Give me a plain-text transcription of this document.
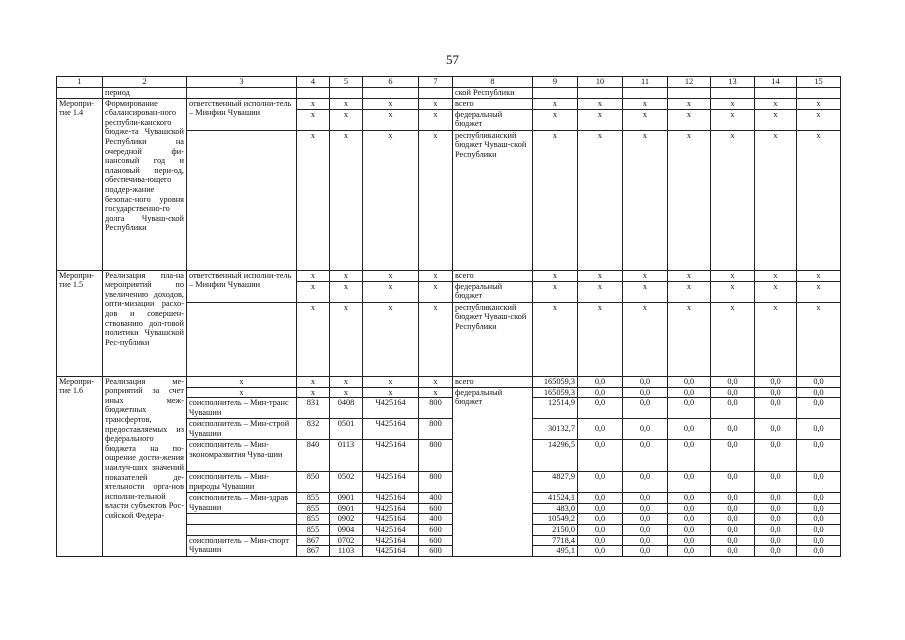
57
1	2	3	4	5	6	7	8	9	10	11	12	13	14	15
	период						ской Республики							
Меропри-тие 1.4	Формирование сбалансирован-ного республи-канского бюдже-та Чувашской Республики на очередной фи-нансовый год и плановый пери-од, обеспечива-ющего поддер-жание безопас-ного уровня государственно-го долга Чуваш-ской Республики	ответственный исполни-тель – Минфин Чувашии	x	x	x	x	всего	x	x	x	x	x	x	x
			x	x	x	x	федеральный бюджет	x	x	x	x	x	x	x
			x	x	x	x	республиканский бюджет Чуваш-ской Республики	x	x	x	x	x	x	x
Меропри-тие 1.5	Реализация пла-на мероприятий по увеличению доходов, опти-мизации расхо-дов и совершен-ствованию дол-говой политики Чувашской Рес-публики	ответственный исполни-тель – Минфин Чувашии	x	x	x	x	всего	x	x	x	x	x	x	x
			x	x	x	x	федеральный бюджет	x	x	x	x	x	x	x
			x	x	x	x	республиканский бюджет Чуваш-ской Республики	x	x	x	x	x	x	x
Меропри-тие 1.6	Реализация ме-роприятий за счет иных меж-бюджетных трансфертов, предоставляемых из федерального бюджета на по-ощрение дости-жения наилуч-ших значений показателей де-ятельности орга-нов исполни-тельной власти субъектов Рос-сийской Федера-	x	x	x	x	x	всего	165059,3	0,0	0,0	0,0	0,0	0,0	0,0
		x	x	x	x	x	федеральный бюджет	165059,3	0,0	0,0	0,0	0,0	0,0	0,0
		соисполнитель – Мин-транс Чувашии	831	0408	Ч425164	800		12514,9	0,0	0,0	0,0	0,0	0,0	0,0
		соисполнитель – Мин-строй Чувашии	832	0501	Ч425164	800		30132,7	0,0	0,0	0,0	0,0	0,0	0,0
		соисполнитель – Мин-экономразвития Чува-шии	840	0113	Ч425164	800		14296,5	0,0	0,0	0,0	0,0	0,0	0,0
		соисполнитель – Мин-природы Чувашии	850	0502	Ч425164	800		4827,9	0,0	0,0	0,0	0,0	0,0	0,0
		соисполнитель – Мин-здрав Чувашии	855	0901	Ч425164	400		41524,1	0,0	0,0	0,0	0,0	0,0	0,0
			855	0901	Ч425164	600		483,0	0,0	0,0	0,0	0,0	0,0	0,0
			855	0902	Ч425164	400		10549,2	0,0	0,0	0,0	0,0	0,0	0,0
			855	0904	Ч425164	600		2150,0	0,0	0,0	0,0	0,0	0,0	0,0
		соисполнитель – Мин-спорт Чувашии	867	0702	Ч425164	600		7718,4	0,0	0,0	0,0	0,0	0,0	0,0
			867	1103	Ч425164	600		495,1	0,0	0,0	0,0	0,0	0,0	0,0
